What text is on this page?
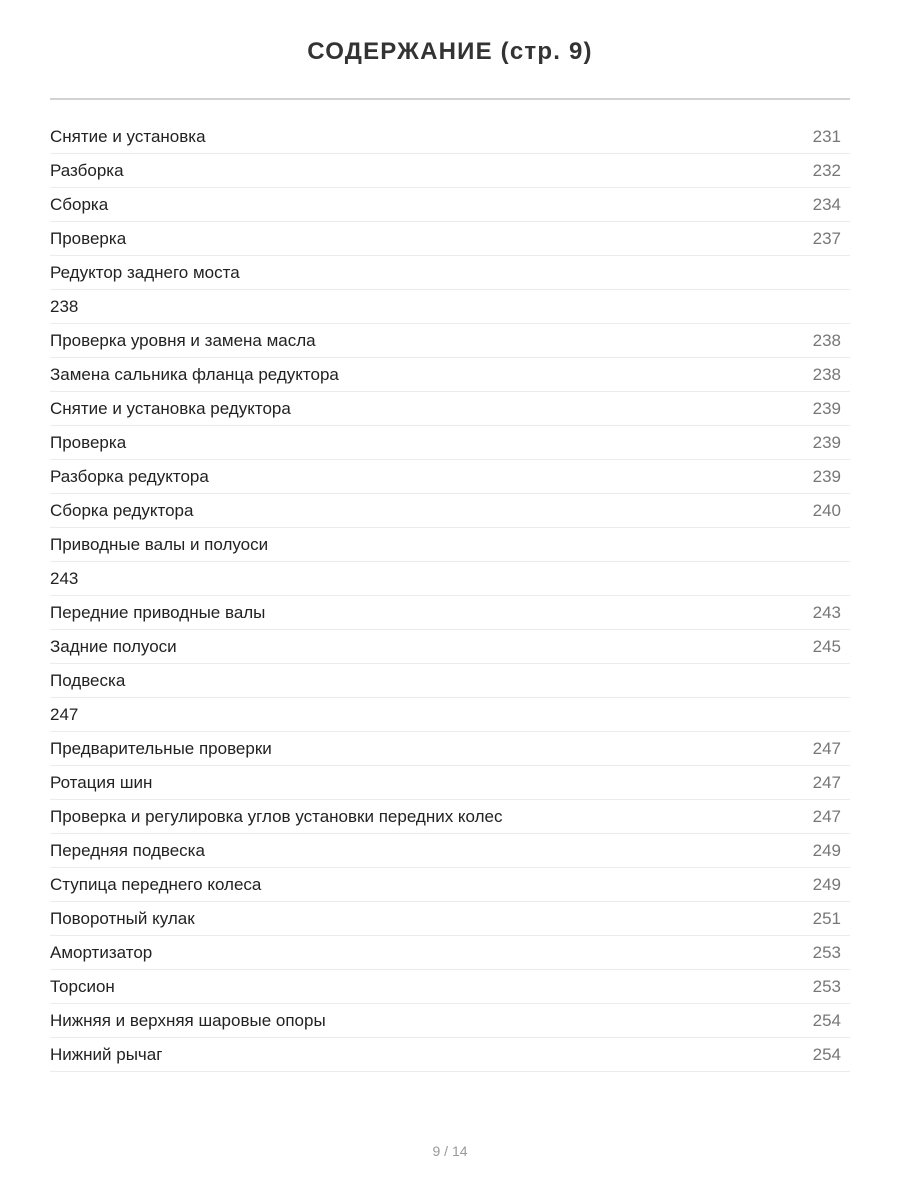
СОДЕРЖАНИЕ (стр. 9)
Снятие и установка	231
Разборка	232
Сборка	234
Проверка	237
Редуктор заднего моста
238
Проверка уровня и замена масла	238
Замена сальника фланца редуктора	238
Снятие и установка редуктора	239
Проверка	239
Разборка редуктора	239
Сборка редуктора	240
Приводные валы и полуоси
243
Передние приводные валы	243
Задние полуоси	245
Подвеска
247
Предварительные проверки	247
Ротация шин	247
Проверка и регулировка углов установки передних колес	247
Передняя подвеска	249
Ступица переднего колеса	249
Поворотный кулак	251
Амортизатор	253
Торсион	253
Нижняя и верхняя шаровые опоры	254
Нижний рычаг	254
9 / 14
